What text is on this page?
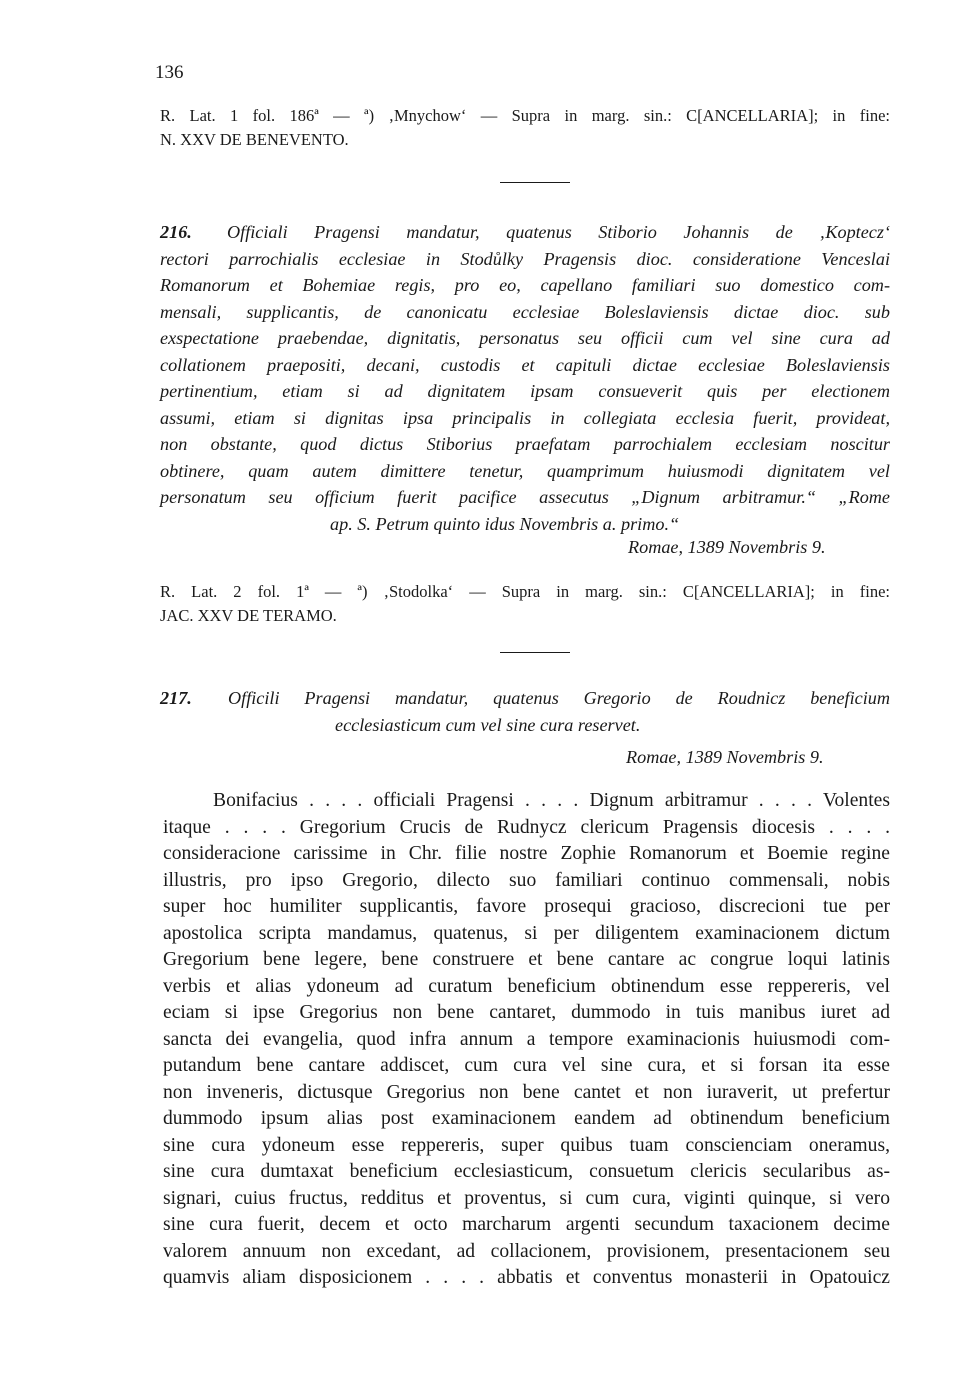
136
R. Lat. 1 fol. 186ª — ª) ‚Mnychow‘ — Supra in marg. sin.: C[ANCELLARIA]; in fine:
N. XXV DE BENEVENTO.
216. Officiali Pragensi mandatur, quatenus Stiborio Johannis de ‚Koptecz‘
rectori parrochialis ecclesiae in Stodůlky Pragensis dioc. consideratione Venceslai
Romanorum et Bohemiae regis, pro eo, capellano familiari suo domestico com-
mensali, supplicantis, de canonicatu ecclesiae Boleslaviensis dictae dioc. sub
exspectatione praebendae, dignitatis, personatus seu officii cum vel sine cura ad
collationem praepositi, decani, custodis et capituli dictae ecclesiae Boleslaviensis
pertinentium, etiam si ad dignitatem ipsam consueverit quis per electionem
assumi, etiam si dignitas ipsa principalis in collegiata ecclesia fuerit, provideat,
non obstante, quod dictus Stiborius praefatam parrochialem ecclesiam noscitur
obtinere, quam autem dimittere tenetur, quamprimum huiusmodi dignitatem vel
personatum seu officium fuerit pacifice assecutus „Dignum arbitramur.“ „Rome
ap. S. Petrum quinto idus Novembris a. primo.“
Romae, 1389 Novembris 9.
R. Lat. 2 fol. 1ª — ª) ‚Stodolka‘ — Supra in marg. sin.: C[ANCELLARIA]; in fine:
JAC. XXV DE TERAMO.
217. Officili Pragensi mandatur, quatenus Gregorio de Roudnicz beneficium
ecclesiasticum cum vel sine cura reservet.
Romae, 1389 Novembris 9.
Bonifacius . . . . officiali Pragensi . . . . Dignum arbitramur . . . . Volentes
itaque . . . . Gregorium Crucis de Rudnycz clericum Pragensis diocesis . . . .
consideracione carissime in Chr. filie nostre Zophie Romanorum et Boemie regine
illustris, pro ipso Gregorio, dilecto suo familiari continuo commensali, nobis
super hoc humiliter supplicantis, favore prosequi gracioso, discrecioni tue per
apostolica scripta mandamus, quatenus, si per diligentem examinacionem dictum
Gregorium bene legere, bene construere et bene cantare ac congrue loqui latinis
verbis et alias ydoneum ad curatum beneficium obtinendum esse reppereris, vel
eciam si ipse Gregorius non bene cantaret, dummodo in tuis manibus iuret ad
sancta dei evangelia, quod infra annum a tempore examinacionis huiusmodi com-
putandum bene cantare addiscet, cum cura vel sine cura, et si forsan ita esse
non inveneris, dictusque Gregorius non bene cantet et non iuraverit, ut prefertur
dummodo ipsum alias post examinacionem eandem ad obtinendum beneficium
sine cura ydoneum esse reppereris, super quibus tuam conscienciam oneramus,
sine cura dumtaxat beneficium ecclesiasticum, consuetum clericis secularibus as-
signari, cuius fructus, redditus et proventus, si cum cura, viginti quinque, si vero
sine cura fuerit, decem et octo marcharum argenti secundum taxacionem decime
valorem annuum non excedant, ad collacionem, provisionem, presentacionem seu
quamvis aliam disposicionem . . . . abbatis et conventus monasterii in Opatouicz
